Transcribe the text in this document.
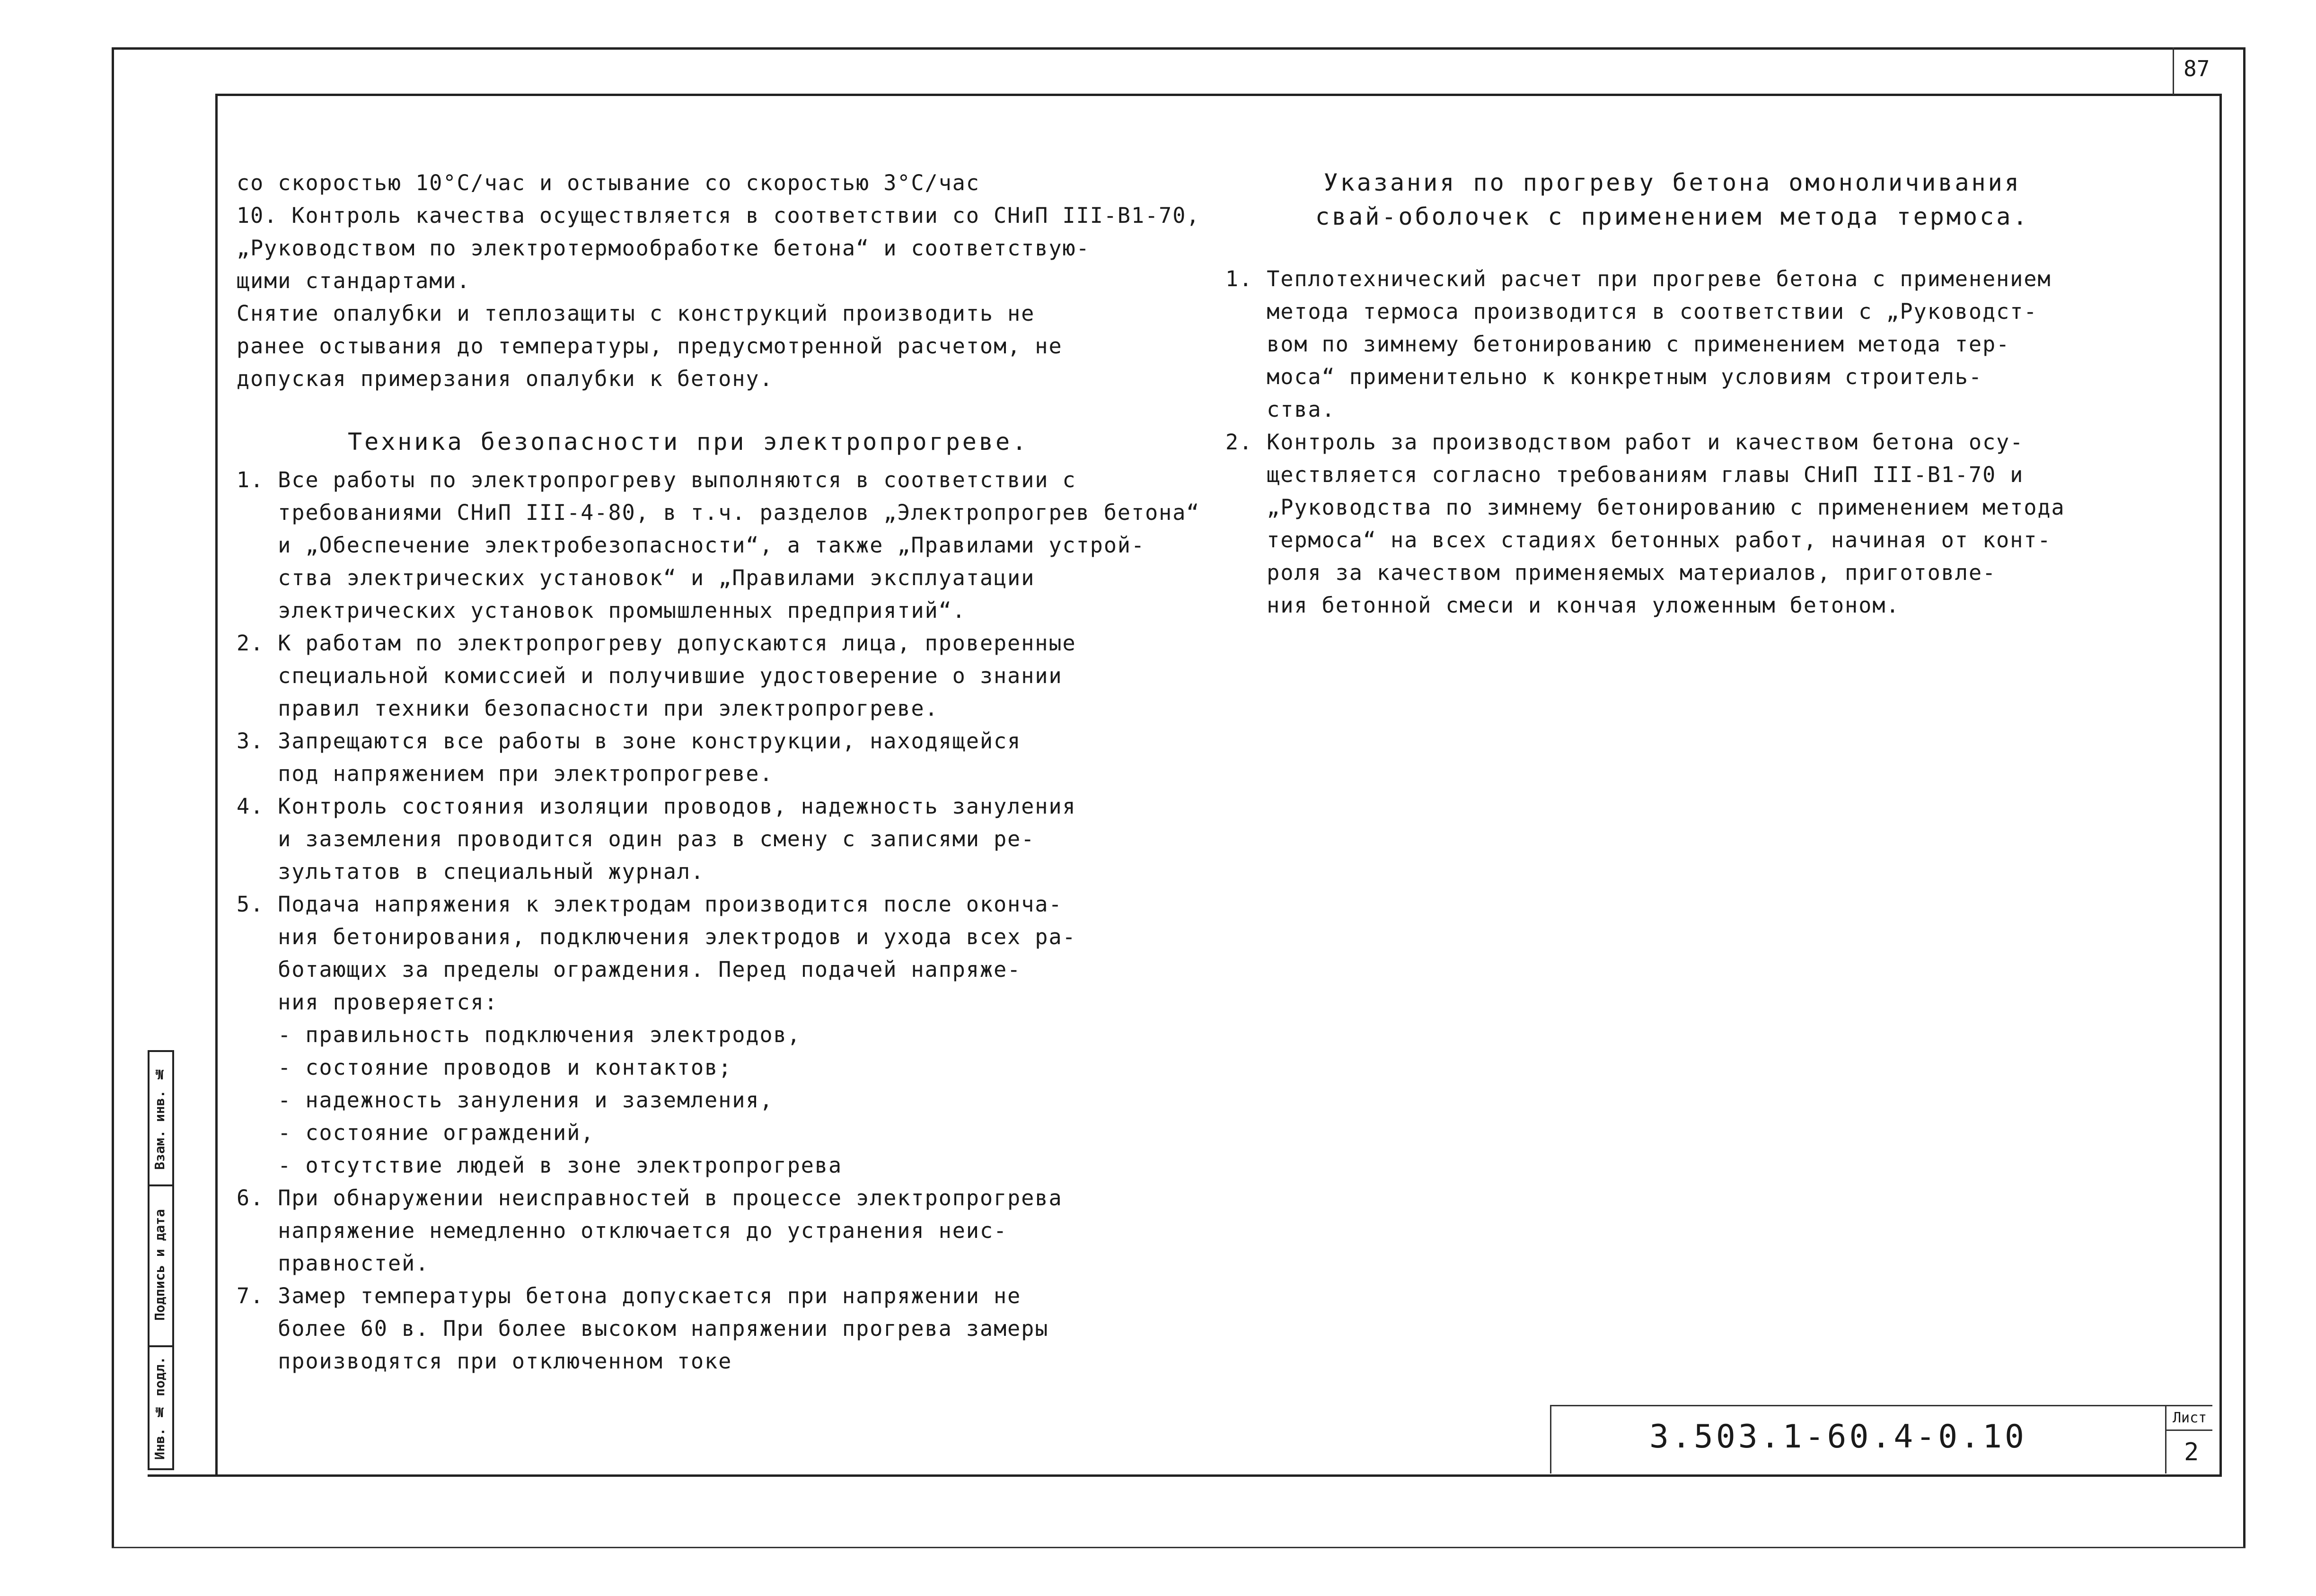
87
со скоростью 10°С/час и остывание со скоростью 3°С/час
10. Контроль качества осуществляется в соответствии со СНиП III-В1-70,
„Руководством по электротермообработке бетона“ и соответствую-
щими стандартами.
Снятие опалубки и теплозащиты с конструкций производить не
ранее остывания до температуры, предусмотренной расчетом, не
допуская примерзания опалубки к бетону.
Техника безопасности при электропрогреве.
1. Все работы по электропрогреву выполняются в соответствии с
требованиями СНиП III-4-80, в т.ч. разделов „Электропрогрев бетона“
и „Обеспечение электробезопасности“, а также „Правилами устрой-
ства электрических установок“ и „Правилами эксплуатации
электрических установок промышленных предприятий“.
2. К работам по электропрогреву допускаются лица, проверенные
специальной комиссией и получившие удостоверение о знании
правил техники безопасности при электропрогреве.
3. Запрещаются все работы в зоне конструкции, находящейся
под напряжением при электропрогреве.
4. Контроль состояния изоляции проводов, надежность зануления
и заземления проводится один раз в смену с записями ре-
зультатов в специальный журнал.
5. Подача напряжения к электродам производится после оконча-
ния бетонирования, подключения электродов и ухода всех ра-
ботающих за пределы ограждения. Перед подачей напряже-
ния проверяется:
- правильность подключения электродов,
- состояние проводов и контактов;
- надежность зануления и заземления,
- состояние ограждений,
- отсутствие людей в зоне электропрогрева
6. При обнаружении неисправностей в процессе электропрогрева
напряжение немедленно отключается до устранения неис-
правностей.
7. Замер температуры бетона допускается при напряжении не
более 60 в. При более высоком напряжении прогрева замеры
производятся при отключенном токе
Указания по прогреву бетона омоноличивания
свай-оболочек с применением метода термоса.
1. Теплотехнический расчет при прогреве бетона с применением
метода термоса производится в соответствии с „Руководст-
вом по зимнему бетонированию с применением метода тер-
моса“ применительно к конкретным условиям строитель-
ства.
2. Контроль за производством работ и качеством бетона осу-
ществляется согласно требованиям главы СНиП III-В1-70 и
„Руководства по зимнему бетонированию с применением метода
термоса“ на всех стадиях бетонных работ, начиная от конт-
роля за качеством применяемых материалов, приготовле-
ния бетонной смеси и кончая уложенным бетоном.
Взам. инв. №
Подпись и дата
Инв. № подл.	3.503.1-60.4-0.10
Лист
2
